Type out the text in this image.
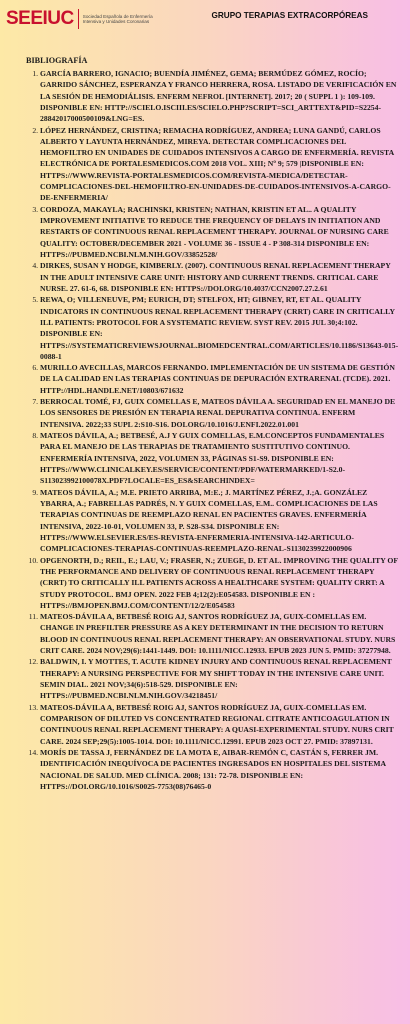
SEEIUC Sociedad Española de Enfermería
Intensiva y Unidades Coronarias
GRUPO TERAPIAS EXTRACORPÓREAS
BIBLIOGRAFÍA
1. GARCÍA BARRERO, IGNACIO; BUENDÍA JIMÉNEZ, GEMA; BERMÚDEZ GÓMEZ, ROCÍO; GARRIDO SÁNCHEZ, ESPERANZA Y FRANCO HERRERA, ROSA. LISTADO DE VERIFICACIÓN EN LA SESIÓN DE HEMODIÁLISIS. ENFERM NEFROL [INTERNET]. 2017; 20 ( SUPPL 1 ): 109-109. DISPONIBLE EN: HTTP://SCIELO.ISCIII.ES/SCIELO.PHP?SCRIPT=SCI_ARTTEXT&PID=S2254-28842017000500109&LNG=ES.
2. LÓPEZ HERNÁNDEZ, CRISTINA; REMACHA RODRÍGUEZ, ANDREA; LUNA GANDÚ, CARLOS ALBERTO Y LAYUNTA HERNÁNDEZ, MIREYA. DETECTAR COMPLICACIONES DEL HEMOFILTRO EN UNIDADES DE CUIDADOS INTENSIVOS A CARGO DE ENFERMERÍA. REVISTA ELECTRÓNICA DE PORTALESMEDICOS.COM 2018 VOL. XIII; Nº 9; 579 |DISPONIBLE EN: HTTPS://WWW.REVISTA-PORTALESMEDICOS.COM/REVISTA-MEDICA/DETECTAR-COMPLICACIONES-DEL-HEMOFILTRO-EN-UNIDADES-DE-CUIDADOS-INTENSIVOS-A-CARGO-DE-ENFERMERIA/
3. CORDOZA, MAKAYLA; RACHINSKI, KRISTEN; NATHAN, KRISTIN ET AL.. A QUALITY IMPROVEMENT INITIATIVE TO REDUCE THE FREQUENCY OF DELAYS IN INITIATION AND RESTARTS OF CONTINUOUS RENAL REPLACEMENT THERAPY. JOURNAL OF NURSING CARE QUALITY: OCTOBER/DECEMBER 2021 - VOLUME 36 - ISSUE 4 - P 308-314 DISPONIBLE EN: HTTPS://PUBMED.NCBI.NLM.NIH.GOV/33852528/
4. DIRKES, SUSAN Y HODGE, KIMBERLY. (2007). CONTINUOUS RENAL REPLACEMENT THERAPY IN THE ADULT INTENSIVE CARE UNIT: HISTORY AND CURRENT TRENDS. CRITICAL CARE NURSE. 27. 61-6, 68. DISPONIBLE EN: HTTPS://DOI.ORG/10.4037/CCN2007.27.2.61
5. REWA, O; VILLENEUVE, PM; EURICH, DT; STELFOX, HT; GIBNEY, RT, ET AL. QUALITY INDICATORS IN CONTINUOUS RENAL REPLACEMENT THERAPY (CRRT) CARE IN CRITICALLY ILL PATIENTS: PROTOCOL FOR A SYSTEMATIC REVIEW. SYST REV. 2015 JUL 30;4:102. DISPONIBLE EN: HTTPS://SYSTEMATICREVIEWSJOURNAL.BIOMEDCENTRAL.COM/ARTICLES/10.1186/S13643-015-0088-1
6. MURILLO AVECILLAS, MARCOS FERNANDO. IMPLEMENTACIÓN DE UN SISTEMA DE GESTIÓN DE LA CALIDAD EN LAS TERAPIAS CONTINUAS DE DEPURACIÓN EXTRARENAL (TCDE). 2021. HTTP://HDL.HANDLE.NET/10803/671632
7. BERROCAL TOMÉ, FJ, GUIX COMELLAS E, MATEOS DÁVILA A. SEGURIDAD EN EL MANEJO DE LOS SENSORES DE PRESIÓN EN TERAPIA RENAL DEPURATIVA CONTINUA. ENFERM INTENSIVA. 2022;33 SUPL 2:S10-S16. DOLORG/10.1016/J.ENFI.2022.01.001
8. MATEOS DÁVILA, A.; BETBESÉ, A.J Y GUIX COMELLAS, E.M.CONCEPTOS FUNDAMENTALES PARA EL MANEJO DE LAS TERAPIAS DE TRATAMIENTO SUSTITUTIVO CONTINUO. ENFERMERÍA INTENSIVA, 2022, VOLUMEN 33, PÁGINAS S1-S9. DISPONIBLE EN: HTTPS://WWW.CLINICALKEY.ES/SERVICE/CONTENT/PDF/WATERMARKED/1-S2.0-S113023992100078X.PDF?LOCALE=ES_ES&SEARCHINDEX=
9. MATEOS DÁVILA, A.; M.E. PRIETO ARRIBA, M:E.; J. MARTÍNEZ PÉREZ, J.;A. GONZÁLEZ YBARRA, A.; FABRELLAS PADRÉS, N. Y GUIX COMELLAS, E.M.. COMPLICACIONES DE LAS TERAPIAS CONTINUAS DE REEMPLAZO RENAL EN PACIENTES GRAVES. ENFERMERÍA INTENSIVA, 2022-10-01, VOLUMEN 33, P. S28-S34. DISPONIBLE EN: HTTPS://WWW.ELSEVIER.ES/ES-REVISTA-ENFERMERIA-INTENSIVA-142-ARTICULO-COMPLICACIONES-TERAPIAS-CONTINUAS-REEMPLAZO-RENAL-S1130239922000906
10. OPGENORTH, D.; REIL, E.; LAU, V.; FRASER, N.; ZUEGE, D. ET AL. IMPROVING THE QUALITY OF THE PERFORMANCE AND DELIVERY OF CONTINUOUS RENAL REPLACEMENT THERAPY (CRRT) TO CRITICALLY ILL PATIENTS ACROSS A HEALTHCARE SYSTEM: QUALITY CRRT: A STUDY PROTOCOL. BMJ OPEN. 2022 FEB 4;12(2):E054583. DISPONIBLE EN : HTTPS://BMJOPEN.BMJ.COM/CONTENT/12/2/E054583
11. MATEOS-DÁVILA A, BETBESÉ ROIG AJ, SANTOS RODRÍGUEZ JA, GUIX-COMELLAS EM. CHANGE IN PREFILTER PRESSURE AS A KEY DETERMINANT IN THE DECISION TO RETURN BLOOD IN CONTINUOUS RENAL REPLACEMENT THERAPY: AN OBSERVATIONAL STUDY. NURS CRIT CARE. 2024 NOV;29(6):1441-1449. DOI: 10.1111/NICC.12933. EPUB 2023 JUN 5. PMID: 37277948.
12. BALDWIN, I. Y MOTTES, T. ACUTE KIDNEY INJURY AND CONTINUOUS RENAL REPLACEMENT THERAPY: A NURSING PERSPECTIVE FOR MY SHIFT TODAY IN THE INTENSIVE CARE UNIT. SEMIN DIAL. 2021 NOV;34(6):518-529. DISPONIBLE EN: HTTPS://PUBMED.NCBI.NLM.NIH.GOV/34218451/
13. MATEOS-DÁVILA A, BETBESÉ ROIG AJ, SANTOS RODRÍGUEZ JA, GUIX-COMELLAS EM. COMPARISON OF DILUTED VS CONCENTRATED REGIONAL CITRATE ANTICOAGULATION IN CONTINUOUS RENAL REPLACEMENT THERAPY: A QUASI-EXPERIMENTAL STUDY. NURS CRIT CARE. 2024 SEP;29(5):1005-1014. DOI: 10.1111/NICC.12991. EPUB 2023 OCT 27. PMID: 37897131.
14. MORÍS DE TASSA J, FERNÁNDEZ DE LA MOTA E, AIBAR-REMÓN C, CASTÁN S, FERRER JM. IDENTIFICACIÓN INEQUÍVOCA DE PACIENTES INGRESADOS EN HOSPITALES DEL SISTEMA NACIONAL DE SALUD. MED CLÍNICA. 2008; 131: 72-78. DISPONIBLE EN: HTTPS://DOI.ORG/10.1016/S0025-7753(08)76465-0
